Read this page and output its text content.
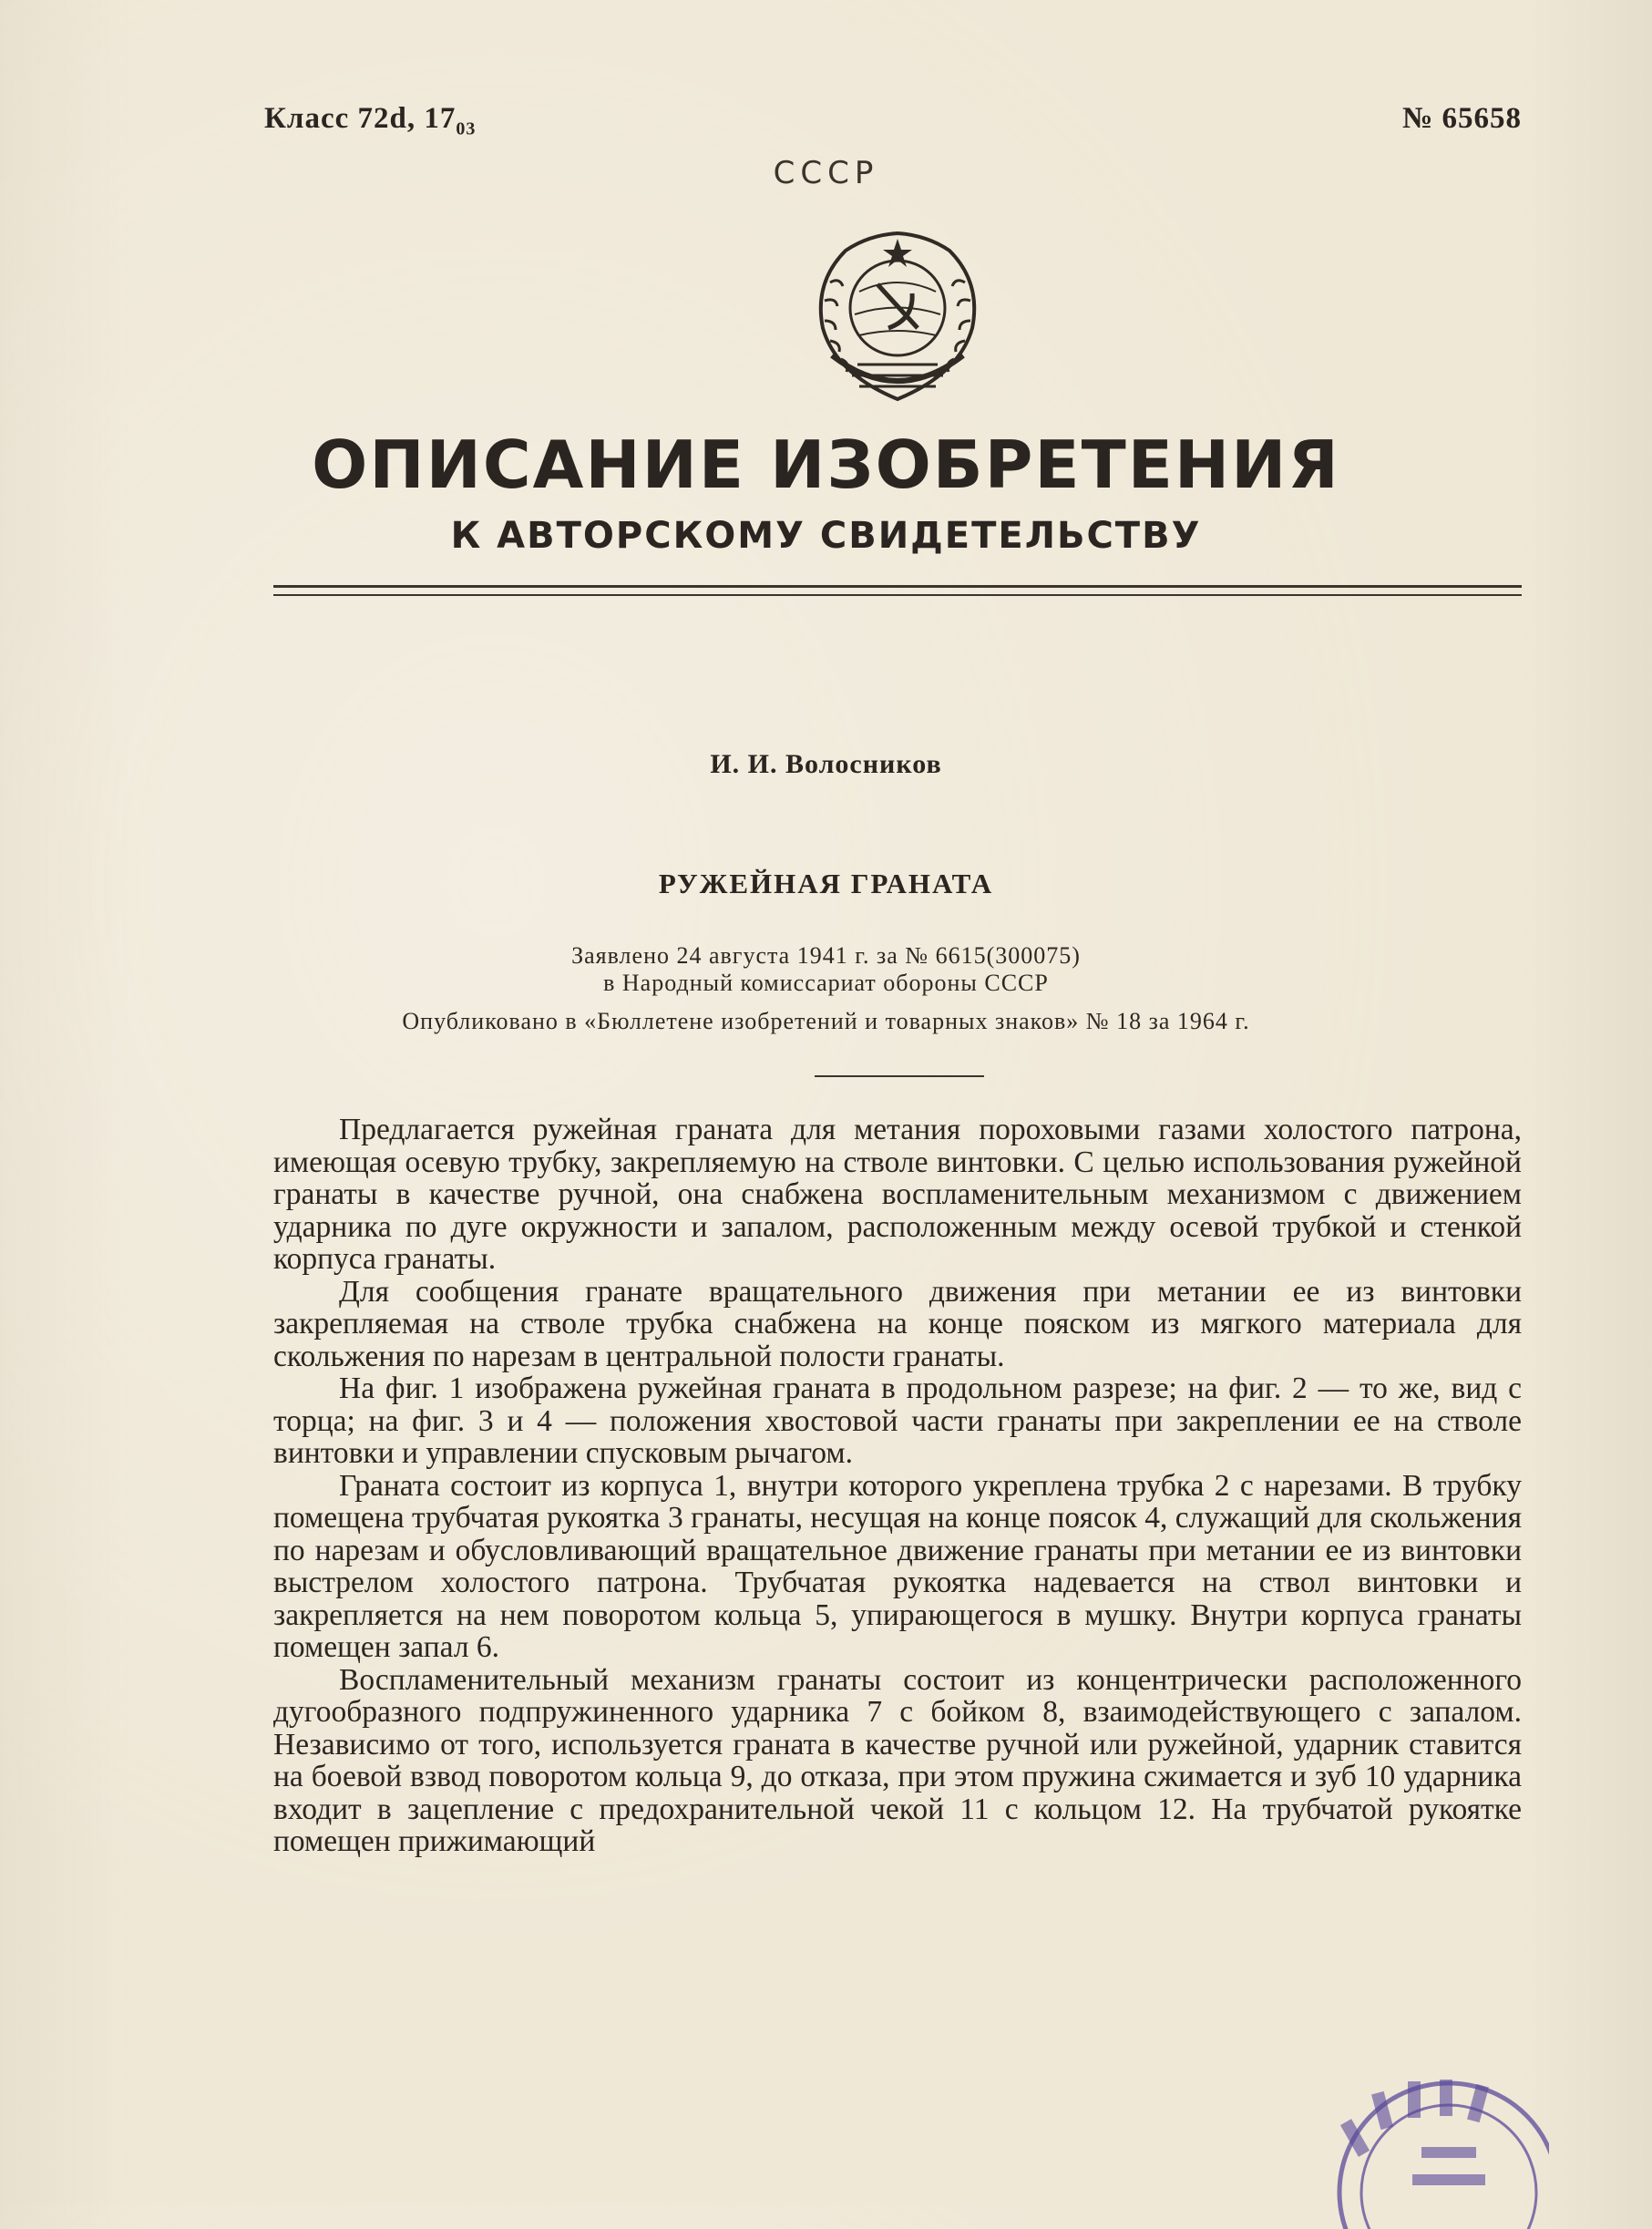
Класс 72d, $17_{03}$	№ 65658
СССР
ОПИСАНИЕ ИЗОБРЕТЕНИЯ
К АВТОРСКОМУ СВИДЕТЕЛЬСТВУ
И. И. Волосников
РУЖЕЙНАЯ ГРАНАТА
Заявлено 24 августа 1941 г. за № 6615(300075)
в Народный комиссариат обороны СССР
Опубликовано в «Бюллетене изобретений и товарных знаков» № 18 за 1964 г.

Предлагается ружейная граната для метания пороховыми газами холостого патрона, имеющая осевую трубку, закрепляемую на стволе винтовки. С целью использования ружейной гранаты в качестве ручной, она снабжена воспламенительным механизмом с движением ударника по дуге окружности и запалом, расположенным между осевой трубкой и стенкой корпуса гранаты.

Для сообщения гранате вращательного движения при метании ее из винтовки закрепляемая на стволе трубка снабжена на конце пояском из мягкого материала для скольжения по нарезам в центральной полости гранаты.

На фиг. 1 изображена ружейная граната в продольном разрезе; на фиг. 2 — то же, вид с торца; на фиг. 3 и 4 — положения хвостовой части гранаты при закреплении ее на стволе винтовки и управлении спусковым рычагом.

Граната состоит из корпуса 1, внутри которого укреплена трубка 2 с нарезами. В трубку помещена трубчатая рукоятка 3 гранаты, несущая на конце поясок 4, служащий для скольжения по нарезам и обусловливающий вращательное движение гранаты при метании ее из винтовки выстрелом холостого патрона. Трубчатая рукоятка надевается на ствол винтовки и закрепляется на нем поворотом кольца 5, упирающегося в мушку. Внутри корпуса гранаты помещен запал 6.

Воспламенительный механизм гранаты состоит из концентрически расположенного дугообразного подпружиненного ударника 7 с бойком 8, взаимодействующего с запалом. Независимо от того, используется граната в качестве ручной или ружейной, ударник ставится на боевой взвод поворотом кольца 9, до отказа, при этом пружина сжимается и зуб 10 ударника входит в зацепление с предохранительной чекой 11 с кольцом 12. На трубчатой рукоятке помещен прижимающий
